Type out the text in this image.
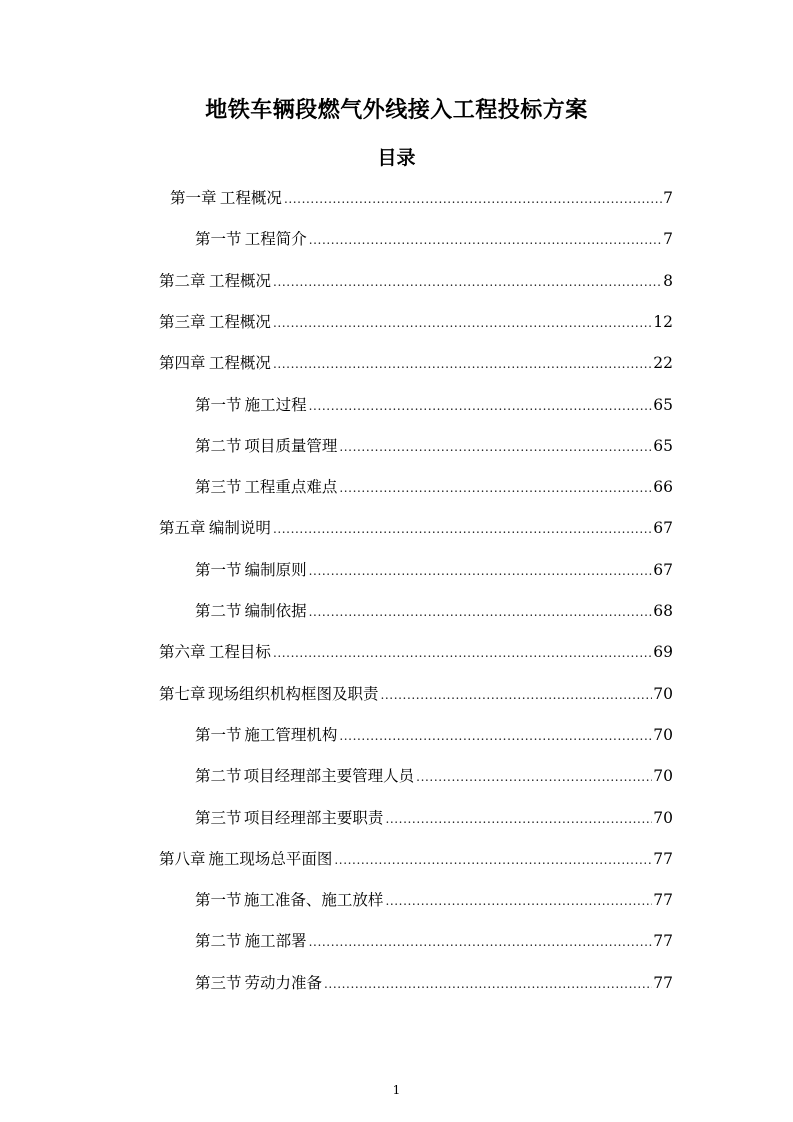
地铁车辆段燃气外线接入工程投标方案
目录
第一章 工程概况 .....	7
第一节 工程简介 .....	7
第二章 工程概况 .....	8
第三章 工程概况 .....	12
第四章 工程概况 .....	22
第一节 施工过程 .....	65
第二节 项目质量管理 .....	65
第三节 工程重点难点 .....	66
第五章 编制说明 .....	67
第一节 编制原则 .....	67
第二节 编制依据 .....	68
第六章 工程目标 .....	69
第七章 现场组织机构框图及职责 .....	70
第一节 施工管理机构 .....	70
第二节 项目经理部主要管理人员 .....	70
第三节 项目经理部主要职责 .....	70
第八章 施工现场总平面图 .....	77
第一节 施工准备、施工放样 .....	77
第二节 施工部署 .....	77
第三节 劳动力准备 .....	77
1
